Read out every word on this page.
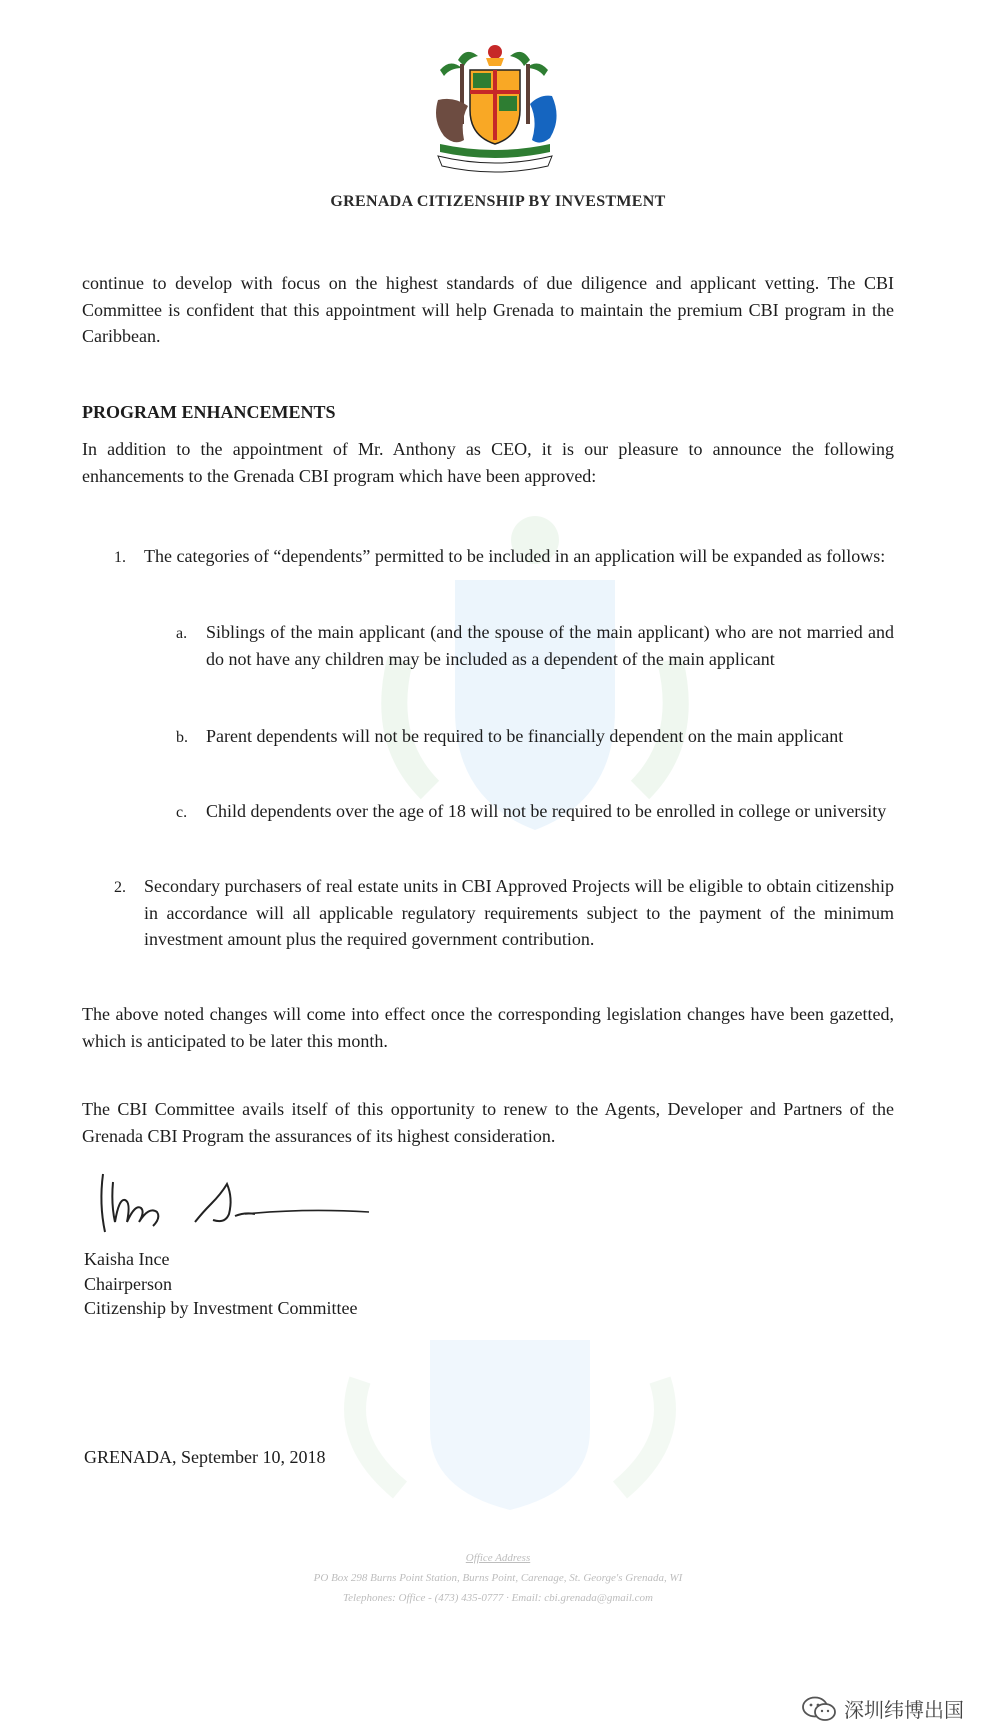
GRENADA CITIZENSHIP BY INVESTMENT

continue to develop with focus on the highest standards of due diligence and applicant vetting. The CBI Committee is confident that this appointment will help Grenada to maintain the premium CBI program in the Caribbean.

PROGRAM ENHANCEMENTS

In addition to the appointment of Mr. Anthony as CEO, it is our pleasure to announce the following enhancements to the Grenada CBI program which have been approved:

1. The categories of “dependents” permitted to be included in an application will be expanded as follows:

a. Siblings of the main applicant (and the spouse of the main applicant) who are not married and do not have any children may be included as a dependent of the main applicant

b. Parent dependents will not be required to be financially dependent on the main applicant

c. Child dependents over the age of 18 will not be required to be enrolled in college or university

2. Secondary purchasers of real estate units in CBI Approved Projects will be eligible to obtain citizenship in accordance will all applicable regulatory requirements subject to the payment of the minimum investment amount plus the required government contribution.

The above noted changes will come into effect once the corresponding legislation changes have been gazetted, which is anticipated to be later this month.

The CBI Committee avails itself of this opportunity to renew to the Agents, Developer and Partners of the Grenada CBI Program the assurances of its highest consideration.

Kaisha Ince
Chairperson
Citizenship by Investment Committee
GRENADA, September 10, 2018
Office Address
PO Box 298 Burns Point Station, Burns Point, Carenage, St. George's Grenada, WI
Telephones: Office - (473) 435-0777 · Email: cbi.grenada@gmail.com
深圳纬博出国
